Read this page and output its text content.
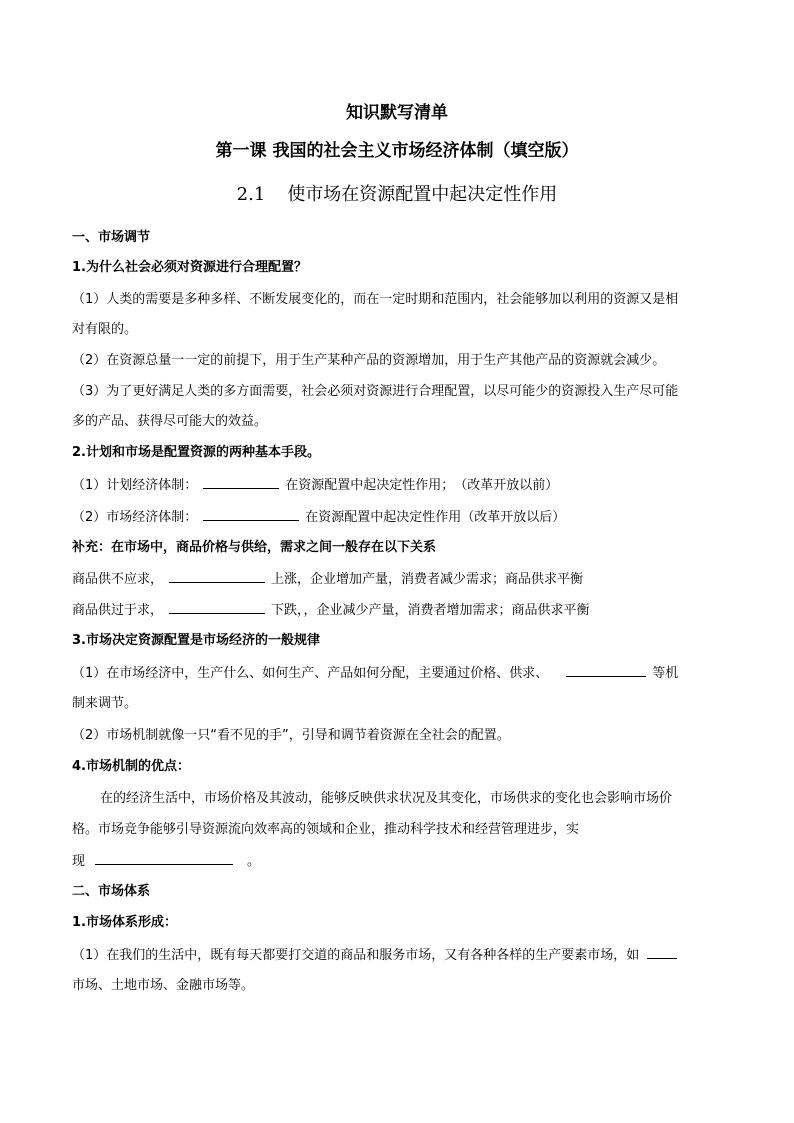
知识默写清单
第一课 我国的社会主义市场经济体制（填空版）
2.1 使市场在资源配置中起决定性作用
一、市场调节
1.为什么社会必须对资源进行合理配置？
（1）人类的需要是多种多样、不断发展变化的，而在一定时期和范围内，社会能够加以利用的资源又是相
对有限的。
（2）在资源总量一一定的前提下，用于生产某种产品的资源增加，用于生产其他产品的资源就会减少。
（3）为了更好满足人类的多方面需要，社会必须对资源进行合理配置，以尽可能少的资源投入生产尽可能
多的产品、获得尽可能大的效益。
2.计划和市场是配置资源的两种基本手段。
（1）计划经济体制：	在资源配置中起决定性作用；　（改革开放以前）
（2）市场经济体制：	在资源配置中起决定性作用（改革开放以后）
补充：在市场中，商品价格与供给，需求之间一般存在以下关系
商品供不应求，	上涨，企业增加产量，消费者减少需求；商品供求平衡
商品供过于求，	下跌，，企业减少产量，消费者增加需求；商品供求平衡
3.市场决定资源配置是市场经济的一般规律
（1）在市场经济中，生产什么、如何生产、产品如何分配，主要通过价格、供求、	等机
制来调节。
（2）市场机制就像一只“看不见的手”，引导和调节着资源在全社会的配置。
4.市场机制的优点：
在的经济生活中，市场价格及其波动，能够反映供求状况及其变化，市场供求的变化也会影响市场价
格。市场竞争能够引导资源流向效率高的领域和企业，推动科学技术和经营管理进步，实
现	。
二、市场体系
1.市场体系形成：
（1）在我们的生活中，既有每天都要打交道的商品和服务市场，又有各种各样的生产要素市场，如
市场、土地市场、金融市场等。
